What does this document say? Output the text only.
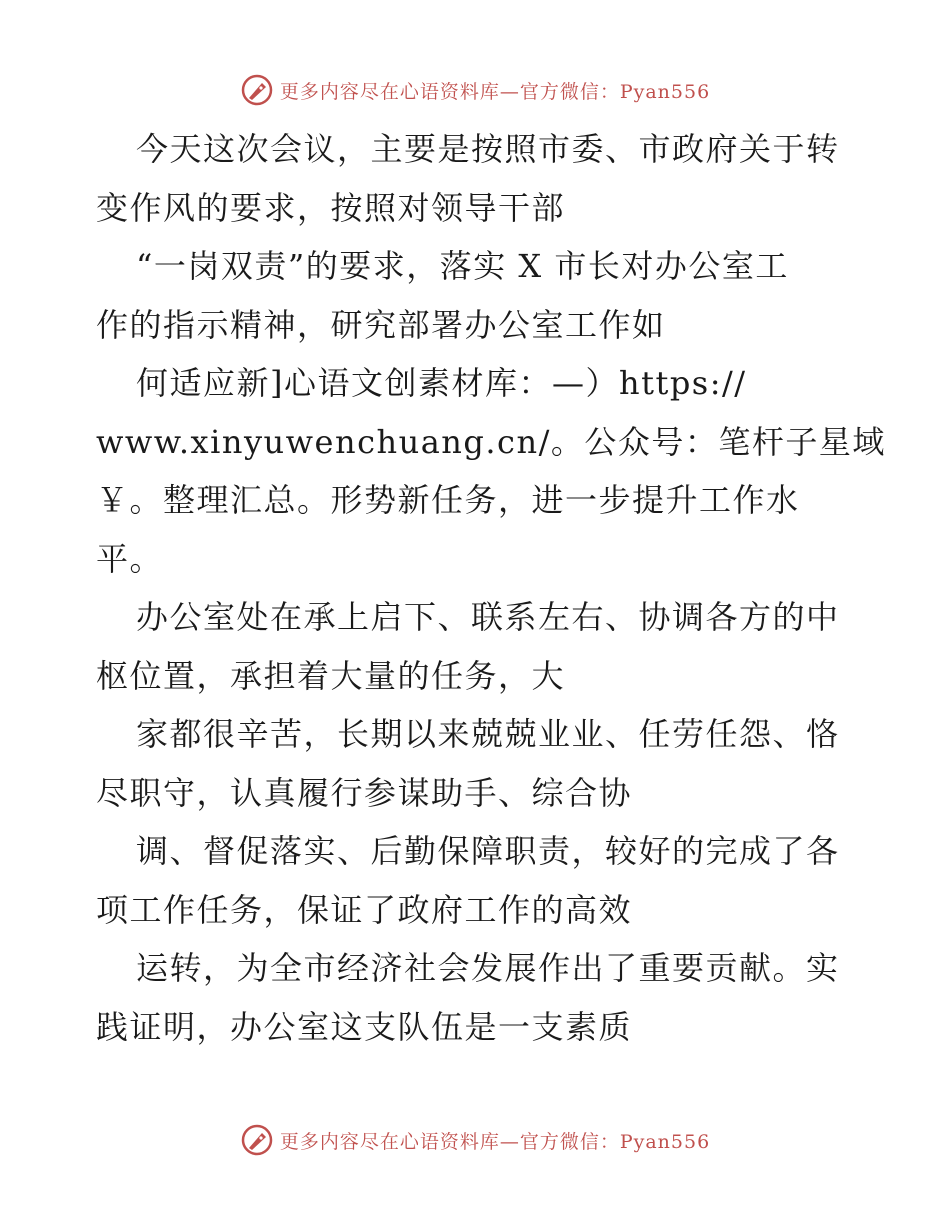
更多内容尽在心语资料库—官方微信：Pyan556
今天这次会议，主要是按照市委、市政府关于转
变作风的要求，按照对领导干部
“一岗双责”的要求，落实 X 市长对办公室工
作的指示精神，研究部署办公室工作如
何适应新]心语文创素材库：—）https://
www.xinyuwenchuang.cn/。公众号：笔杆子星域
￥。整理汇总。形势新任务，进一步提升工作水
平。
办公室处在承上启下、联系左右、协调各方的中
枢位置，承担着大量的任务，大
家都很辛苦，长期以来兢兢业业、任劳任怨、恪
尽职守，认真履行参谋助手、综合协
调、督促落实、后勤保障职责，较好的完成了各
项工作任务，保证了政府工作的高效
运转，为全市经济社会发展作出了重要贡献。实
践证明，办公室这支队伍是一支素质
更多内容尽在心语资料库—官方微信：Pyan556
